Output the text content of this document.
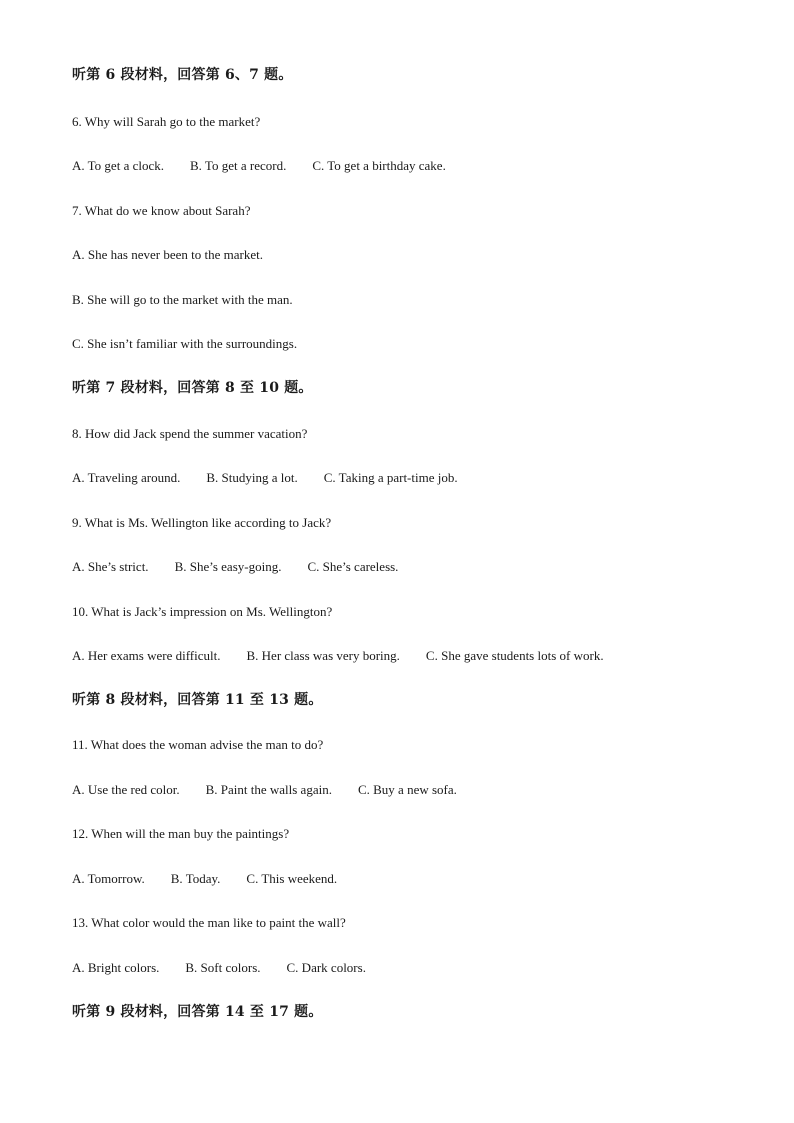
听第 6 段材料，回答第 6、7 题。
6. Why will Sarah go to the market?
A. To get a clock. B. To get a record. C. To get a birthday cake.
7. What do we know about Sarah?
A. She has never been to the market.
B. She will go to the market with the man.
C. She isn’t familiar with the surroundings.
听第 7 段材料，回答第 8 至 10 题。
8. How did Jack spend the summer vacation?
A. Traveling around. B. Studying a lot. C. Taking a part-time job.
9. What is Ms. Wellington like according to Jack?
A. She’s strict. B. She’s easy-going. C. She’s careless.
10. What is Jack’s impression on Ms. Wellington?
A. Her exams were difficult. B. Her class was very boring. C. She gave students lots of work.
听第 8 段材料，回答第 11 至 13 题。
11. What does the woman advise the man to do?
A. Use the red color. B. Paint the walls again. C. Buy a new sofa.
12. When will the man buy the paintings?
A. Tomorrow. B. Today. C. This weekend.
13. What color would the man like to paint the wall?
A. Bright colors. B. Soft colors. C. Dark colors.
听第 9 段材料，回答第 14 至 17 题。
